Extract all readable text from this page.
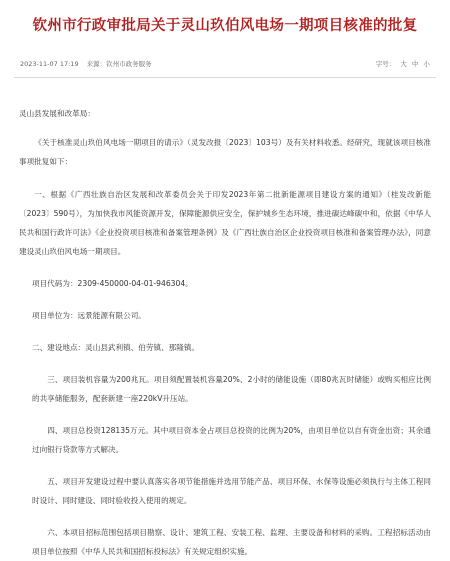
钦州市行政审批局关于灵山玖伯风电场一期项目核准的批复
2023-11-07 17:19 来源：钦州市政务服务	字号： 大 中 小

灵山县发展和改革局：

《关于核准灵山玖伯风电场一期项目的请示》（灵发改报〔2023〕103号）及有关材料收悉。经研究，现就该项目核准事项批复如下：

一、根据《广西壮族自治区发展和改革委员会关于印发2023年第二批新能源项目建设方案的通知》（桂发改新能〔2023〕590号），为加快我市风能资源开发，保障能源供应安全，保护城乡生态环境，推进碳达峰碳中和，依据《中华人民共和国行政许可法》《企业投资项目核准和备案管理条例》及《广西壮族自治区企业投资项目核准和备案管理办法》，同意建设灵山玖伯风电场一期项目。

项目代码为：2309-450000-04-01-946304。

项目单位为：远景能源有限公司。

二、建设地点：灵山县武利镇、伯劳镇、那隆镇。

三、项目装机容量为200兆瓦。项目须配置装机容量20%、2小时的储能设施（即80兆瓦时储能）或购买相应比例的共享储能服务，配套新建一座220kV升压站。

四、项目总投资128135万元。其中项目资本金占项目总投资的比例为20%，由项目单位以自有资金出资；其余通过向银行贷款等方式解决。

五、项目开发建设过程中要认真落实各项节能措施并选用节能产品、项目环保、水保等设施必须执行与主体工程同时设计、同时建设、同时验收投入使用的规定。

六、本项目招标范围包括项目勘察、设计、建筑工程、安装工程、监理、主要设备和材料的采购。工程招标活动由项目单位按照《中华人民共和国招标投标法》有关规定组织实施。
